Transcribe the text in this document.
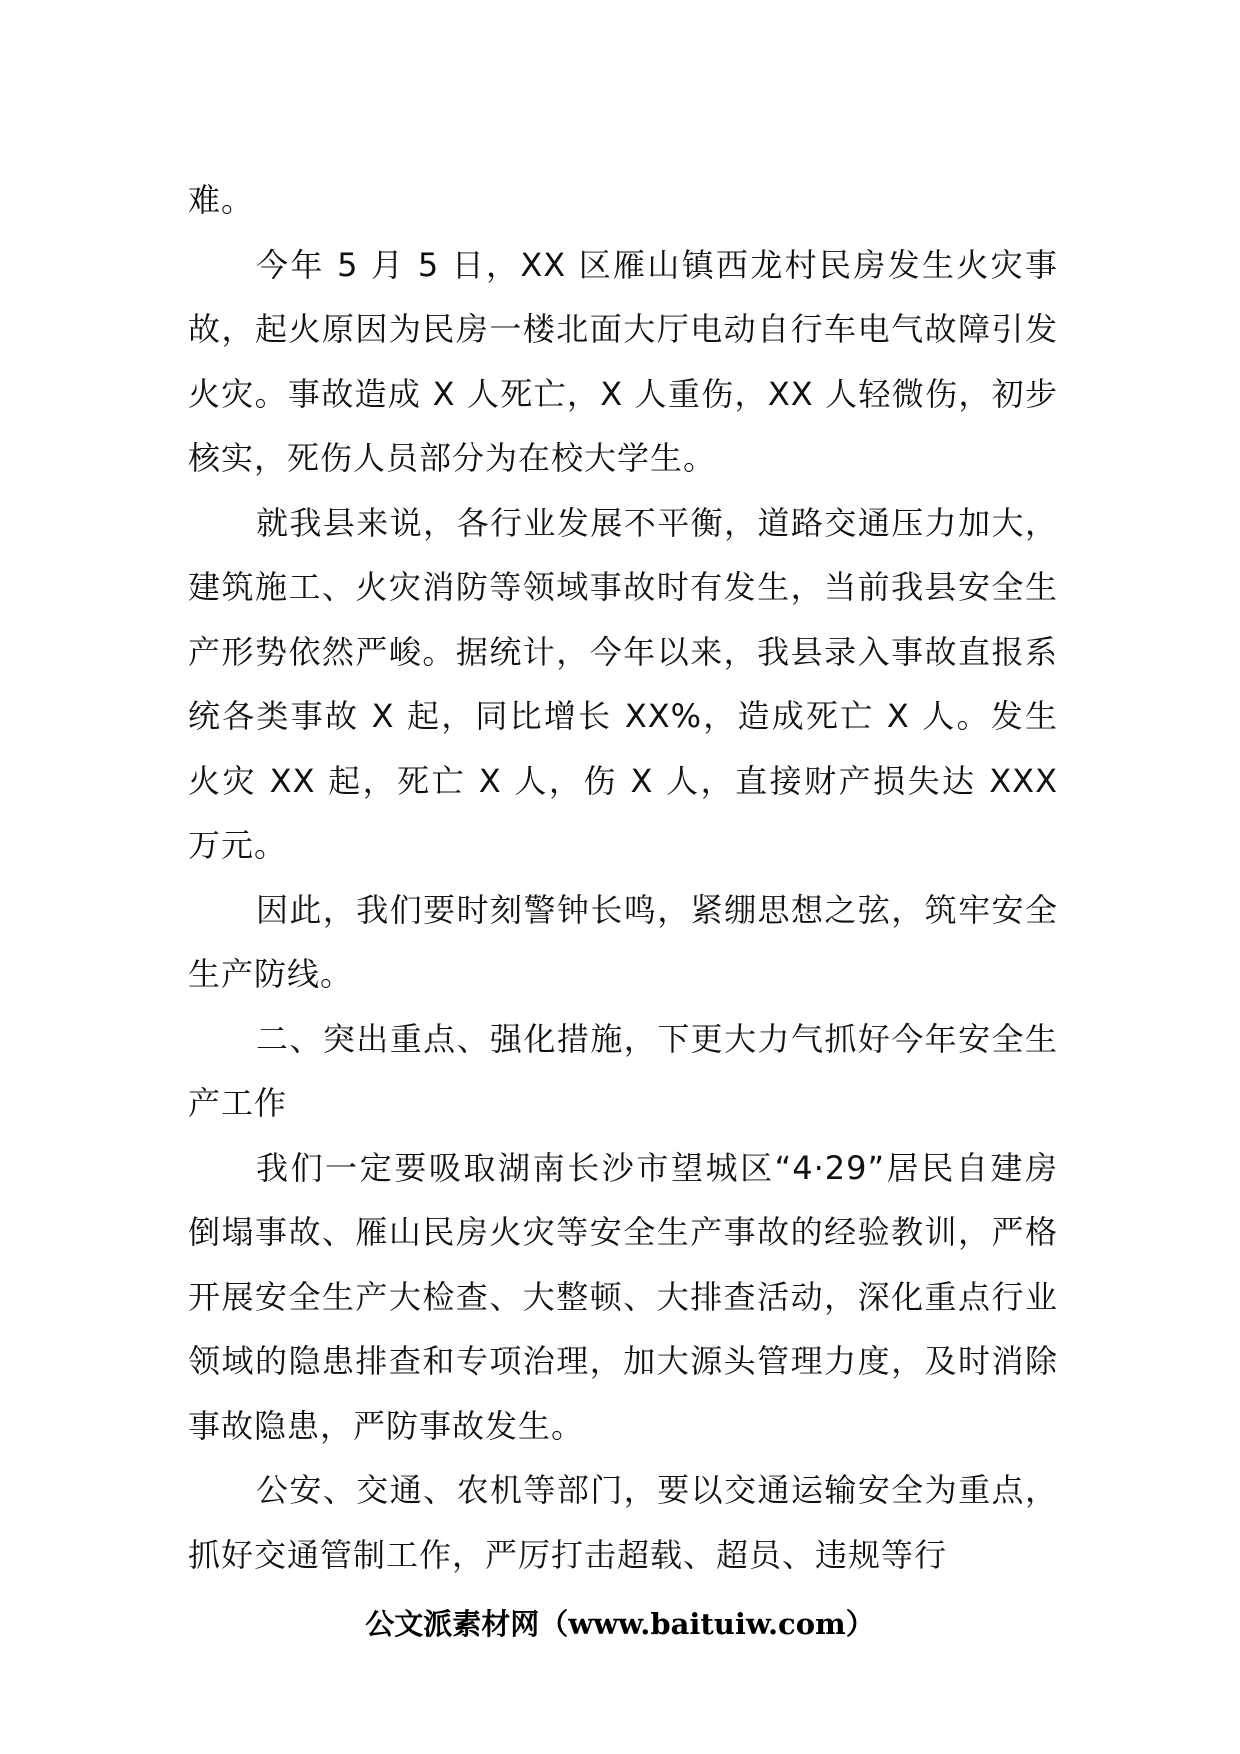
难。

今年 5 月 5 日，XX 区雁山镇西龙村民房发生火灾事故，起火原因为民房一楼北面大厅电动自行车电气故障引发火灾。事故造成 X 人死亡，X 人重伤，XX 人轻微伤，初步核实，死伤人员部分为在校大学生。

就我县来说，各行业发展不平衡，道路交通压力加大，建筑施工、火灾消防等领域事故时有发生，当前我县安全生产形势依然严峻。据统计，今年以来，我县录入事故直报系统各类事故 X 起，同比增长 XX%，造成死亡 X 人。发生火灾 XX 起，死亡 X 人，伤 X 人，直接财产损失达 XXX 万元。

因此，我们要时刻警钟长鸣，紧绷思想之弦，筑牢安全生产防线。

二、突出重点、强化措施，下更大力气抓好今年安全生产工作

我们一定要吸取湖南长沙市望城区“4·29”居民自建房倒塌事故、雁山民房火灾等安全生产事故的经验教训，严格开展安全生产大检查、大整顿、大排查活动，深化重点行业领域的隐患排查和专项治理，加大源头管理力度，及时消除事故隐患，严防事故发生。

公安、交通、农机等部门，要以交通运输安全为重点，抓好交通管制工作，严厉打击超载、超员、违规等行

公文派素材网（www.baituiw.com）
